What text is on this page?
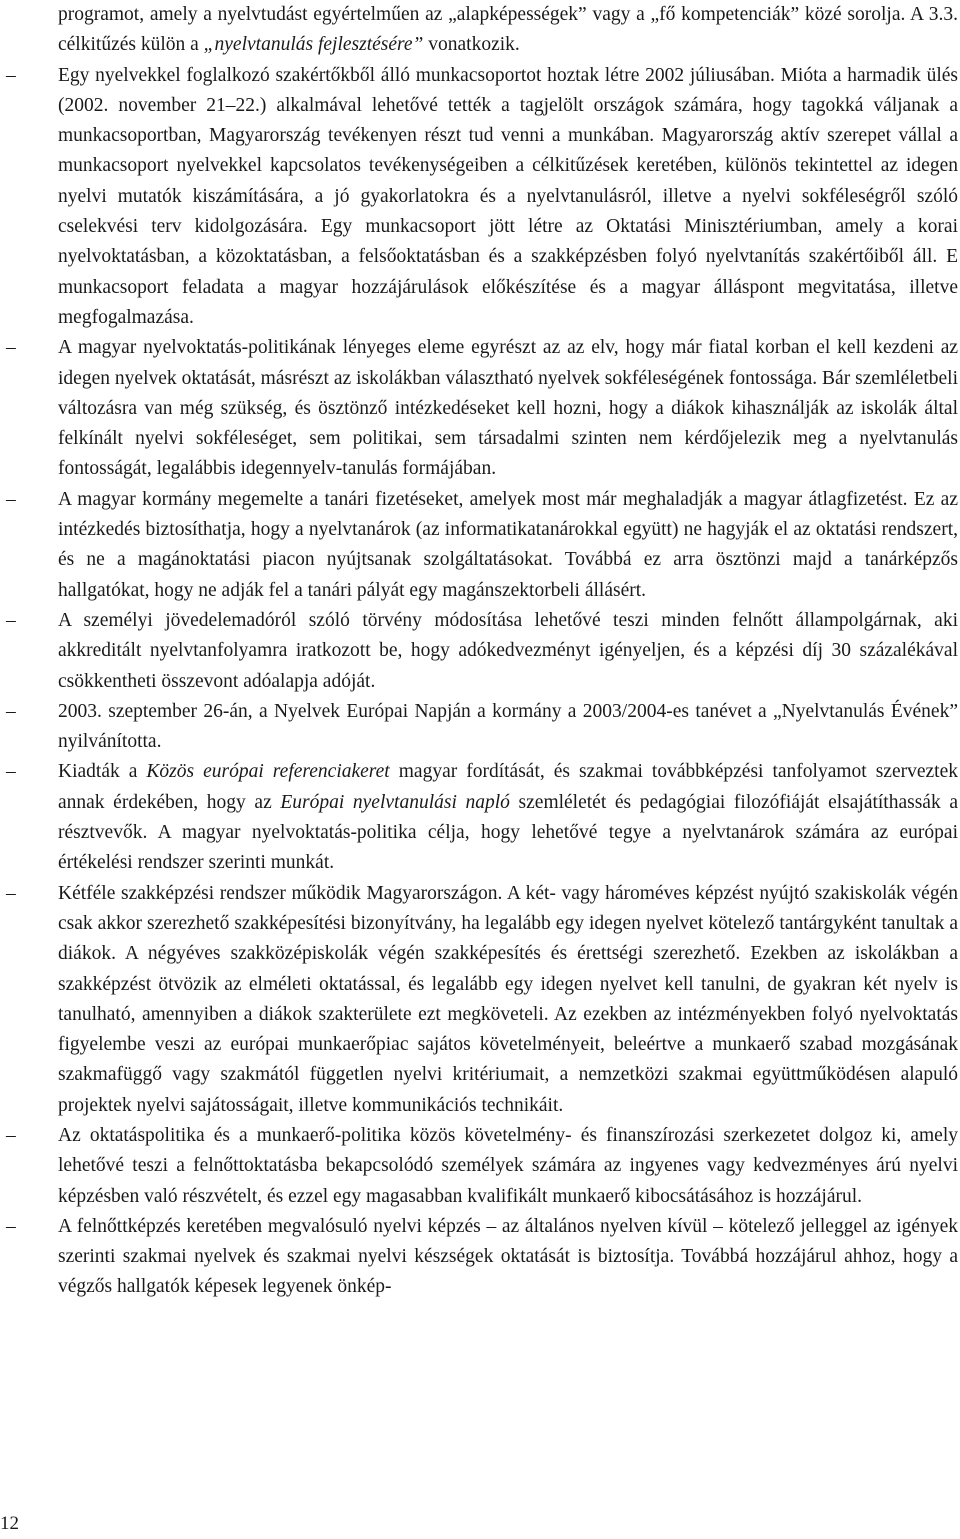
programot, amely a nyelvtudást egyértelműen az „alapképességek” vagy a „fő kompetenciák” közé sorolja. A 3.3. célkitűzés külön a „nyelvtanulás fejlesztésére” vonatkozik.

–	Egy nyelvekkel foglalkozó szakértőkből álló munkacsoportot hoztak létre 2002 júliusában. Mióta a harmadik ülés (2002. november 21–22.) alkalmával lehetővé tették a tagjelölt országok számára, hogy tagokká váljanak a munkacsoportban, Magyarország tevékenyen részt tud venni a munkában. Magyarország aktív szerepet vállal a munkacsoport nyelvekkel kapcsolatos tevékenységeiben a célkitűzések keretében, különös tekintettel az idegen nyelvi mutatók kiszámítására, a jó gyakorlatokra és a nyelvtanulásról, illetve a nyelvi sokféleségről szóló cselekvési terv kidolgozására. Egy munkacsoport jött létre az Oktatási Minisztériumban, amely a korai nyelvoktatásban, a közoktatásban, a felsőoktatásban és a szakképzésben folyó nyelvtanítás szakértőiből áll. E munkacsoport feladata a magyar hozzájárulások előkészítése és a magyar álláspont megvitatása, illetve megfogalmazása.
–	A magyar nyelvoktatás-politikának lényeges eleme egyrészt az az elv, hogy már fiatal korban el kell kezdeni az idegen nyelvek oktatását, másrészt az iskolákban választható nyelvek sokféleségének fontossága. Bár szemléletbeli változásra van még szükség, és ösztönző intézkedéseket kell hozni, hogy a diákok kihasználják az iskolák által felkínált nyelvi sokféleséget, sem politikai, sem társadalmi szinten nem kérdőjelezik meg a nyelvtanulás fontosságát, legalábbis idegennyelv-tanulás formájában.
–	A magyar kormány megemelte a tanári fizetéseket, amelyek most már meghaladják a magyar átlagfizetést. Ez az intézkedés biztosíthatja, hogy a nyelvtanárok (az informatikatanárokkal együtt) ne hagyják el az oktatási rendszert, és ne a magánoktatási piacon nyújtsanak szolgáltatásokat. Továbbá ez arra ösztönzi majd a tanárképzős hallgatókat, hogy ne adják fel a tanári pályát egy magánszektorbeli állásért.
–	A személyi jövedelemadóról szóló törvény módosítása lehetővé teszi minden felnőtt állampolgárnak, aki akkreditált nyelvtanfolyamra iratkozott be, hogy adókedvezményt igényeljen, és a képzési díj 30 százalékával csökkentheti összevont adóalapja adóját.
–	2003. szeptember 26-án, a Nyelvek Európai Napján a kormány a 2003/2004-es tanévet a „Nyelvtanulás Évének” nyilvánította.
–	Kiadták a Közös európai referenciakeret magyar fordítását, és szakmai továbbképzési tanfolyamot szerveztek annak érdekében, hogy az Európai nyelvtanulási napló szemléletét és pedagógiai filozófiáját elsajátíthassák a résztvevők. A magyar nyelvoktatás-politika célja, hogy lehetővé tegye a nyelvtanárok számára az európai értékelési rendszer szerinti munkát.
–	Kétféle szakképzési rendszer működik Magyarországon. A két- vagy hároméves képzést nyújtó szakiskolák végén csak akkor szerezhető szakképesítési bizonyítvány, ha legalább egy idegen nyelvet kötelező tantárgyként tanultak a diákok. A négyéves szakközépiskolák végén szakképesítés és érettségi szerezhető. Ezekben az iskolákban a szakképzést ötvözik az elméleti oktatással, és legalább egy idegen nyelvet kell tanulni, de gyakran két nyelv is tanulható, amennyiben a diákok szakterülete ezt megköveteli. Az ezekben az intézményekben folyó nyelvoktatás figyelembe veszi az európai munkaerőpiac sajátos követelményeit, beleértve a munkaerő szabad mozgásának szakmafüggő vagy szakmától független nyelvi kritériumait, a nemzetközi szakmai együttműködésen alapuló projektek nyelvi sajátosságait, illetve kommunikációs technikáit.
–	Az oktatáspolitika és a munkaerő-politika közös követelmény- és finanszírozási szerkezetet dolgoz ki, amely lehetővé teszi a felnőttoktatásba bekapcsolódó személyek számára az ingyenes vagy kedvezményes árú nyelvi képzésben való részvételt, és ezzel egy magasabban kvalifikált munkaerő kibocsátásához is hozzájárul.
–	A felnőttképzés keretében megvalósuló nyelvi képzés – az általános nyelven kívül – kötelező jelleggel az igények szerinti szakmai nyelvek és szakmai nyelvi készségek oktatását is biztosítja. Továbbá hozzájárul ahhoz, hogy a végzős hallgatók képesek legyenek önkép-
12
